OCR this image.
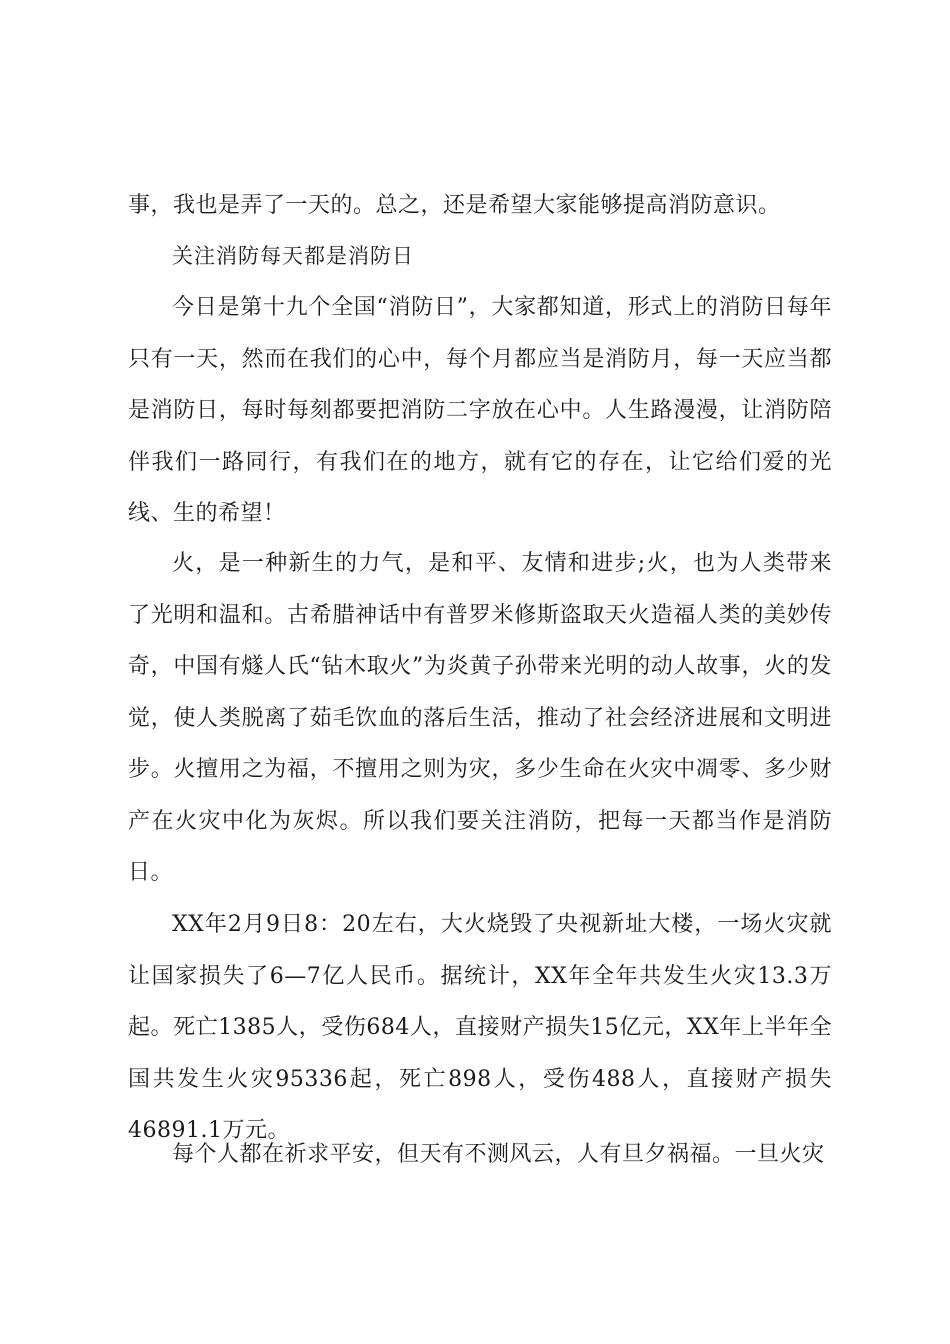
事，我也是弄了一天的。总之，还是希望大家能够提高消防意识。

关注消防每天都是消防日

今日是第十九个全国“消防日”，大家都知道，形式上的消防日每年只有一天，然而在我们的心中，每个月都应当是消防月，每一天应当都是消防日，每时每刻都要把消防二字放在心中。人生路漫漫，让消防陪伴我们一路同行，有我们在的地方，就有它的存在，让它给们爱的光线、生的希望！

火，是一种新生的力气，是和平、友情和进步;火，也为人类带来了光明和温和。古希腊神话中有普罗米修斯盗取天火造福人类的美妙传奇，中国有燧人氏“钻木取火”为炎黄子孙带来光明的动人故事，火的发觉，使人类脱离了茹毛饮血的落后生活，推动了社会经济进展和文明进步。火擅用之为福，不擅用之则为灾，多少生命在火灾中凋零、多少财产在火灾中化为灰烬。所以我们要关注消防，把每一天都当作是消防日。

XX年2月9日8：20左右，大火烧毁了央视新址大楼，一场火灾就让国家损失了6—7亿人民币。据统计，XX年全年共发生火灾13.3万起。死亡1385人，受伤684人，直接财产损失15亿元，XX年上半年全国共发生火灾95336起，死亡898人，受伤488人，直接财产损失46891.1万元。

每个人都在祈求平安，但天有不测风云，人有旦夕祸福。一旦火灾
